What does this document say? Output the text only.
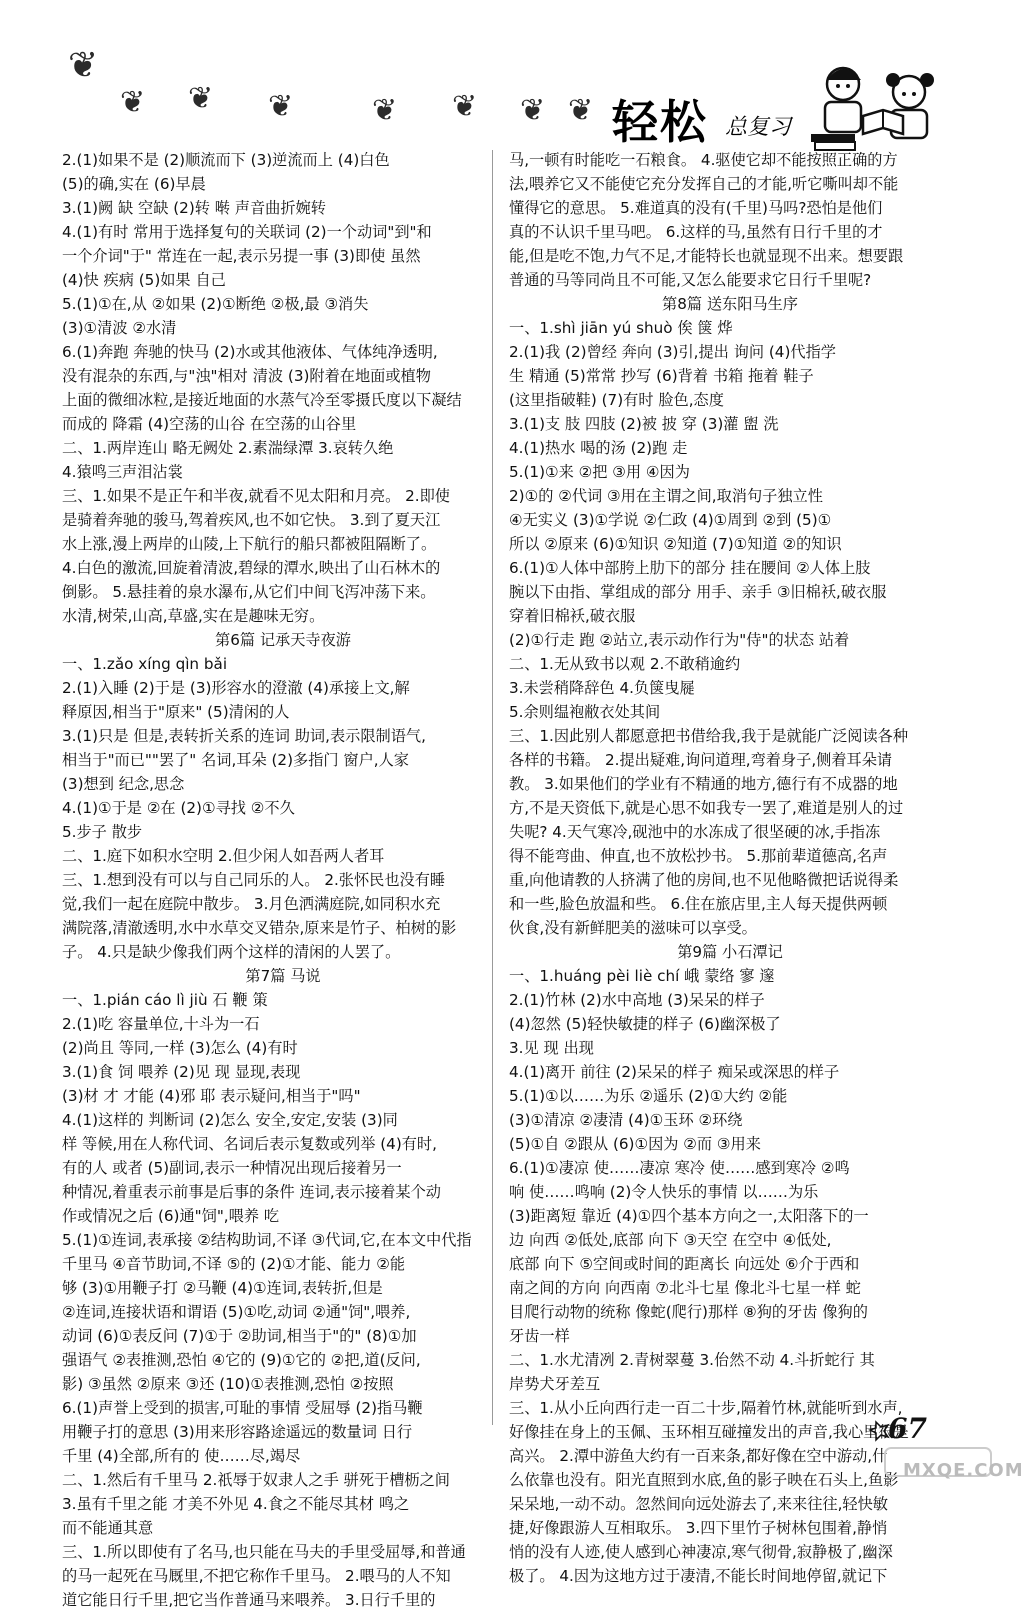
❦
❦ ❦ ❦	❦ ❦ ❦ ❦ 轻松 总复习
2.(1)如果不是 (2)顺流而下 (3)逆流而上 (4)白色
(5)的确,实在 (6)早晨
3.(1)阙 缺 空缺 (2)转 啭 声音曲折婉转
4.(1)有时 常用于选择复句的关联词 (2)一个动词"到"和
一个介词"于" 常连在一起,表示另提一事 (3)即使 虽然
(4)快 疾病 (5)如果 自己
5.(1)①在,从 ②如果 (2)①断绝 ②极,最 ③消失
(3)①清波 ②水清
6.(1)奔跑 奔驰的快马 (2)水或其他液体、气体纯净透明,
没有混杂的东西,与"浊"相对 清波 (3)附着在地面或植物
上面的微细冰粒,是接近地面的水蒸气冷至零摄氏度以下凝结
而成的 降霜 (4)空荡的山谷 在空荡的山谷里
二、1.两岸连山 略无阙处 2.素湍绿潭 3.哀转久绝
4.猿鸣三声泪沾裳
三、1.如果不是正午和半夜,就看不见太阳和月亮。 2.即使
是骑着奔驰的骏马,驾着疾风,也不如它快。 3.到了夏天江
水上涨,漫上两岸的山陵,上下航行的船只都被阻隔断了。
4.白色的激流,回旋着清波,碧绿的潭水,映出了山石林木的
倒影。 5.悬挂着的泉水瀑布,从它们中间飞泻冲荡下来。
水清,树荣,山高,草盛,实在是趣味无穷。
第6篇 记承天寺夜游
一、1.zǎo xíng qìn bǎi
2.(1)入睡 (2)于是 (3)形容水的澄澈 (4)承接上文,解
释原因,相当于"原来" (5)清闲的人
3.(1)只是 但是,表转折关系的连词 助词,表示限制语气,
相当于"而已""罢了" 名词,耳朵 (2)多指门 窗户,人家
(3)想到 纪念,思念
4.(1)①于是 ②在 (2)①寻找 ②不久
5.步子 散步
二、1.庭下如积水空明 2.但少闲人如吾两人者耳
三、1.想到没有可以与自己同乐的人。 2.张怀民也没有睡
觉,我们一起在庭院中散步。 3.月色洒满庭院,如同积水充
满院落,清澈透明,水中水草交叉错杂,原来是竹子、柏树的影
子。 4.只是缺少像我们两个这样的清闲的人罢了。
第7篇 马说
一、1.pián cáo lì jiù 石 鞭 策
2.(1)吃 容量单位,十斗为一石
(2)尚且 等同,一样 (3)怎么 (4)有时
3.(1)食 饲 喂养 (2)见 现 显现,表现
(3)材 才 才能 (4)邪 耶 表示疑问,相当于"吗"
4.(1)这样的 判断词 (2)怎么 安全,安定,安装 (3)同
样 等候,用在人称代词、名词后表示复数或列举 (4)有时,
有的人 或者 (5)副词,表示一种情况出现后接着另一
种情况,着重表示前事是后事的条件 连词,表示接着某个动
作或情况之后 (6)通"饲",喂养 吃
5.(1)①连词,表承接 ②结构助词,不译 ③代词,它,在本文中代指
千里马 ④音节助词,不译 ⑤的 (2)①才能、能力 ②能
够 (3)①用鞭子打 ②马鞭 (4)①连词,表转折,但是
②连词,连接状语和谓语 (5)①吃,动词 ②通"饲",喂养,
动词 (6)①表反问 (7)①于 ②助词,相当于"的" (8)①加
强语气 ②表推测,恐怕 ④它的 (9)①它的 ②把,道(反问,
影) ③虽然 ②原来 ③还 (10)①表推测,恐怕 ②按照
6.(1)声誉上受到的损害,可耻的事情 受屈辱 (2)指马鞭
用鞭子打的意思 (3)用来形容路途遥远的数量词 日行
千里 (4)全部,所有的 使……尽,竭尽
二、1.然后有千里马 2.祇辱于奴隶人之手 骈死于槽枥之间
3.虽有千里之能 才美不外见 4.食之不能尽其材 鸣之
而不能通其意
三、1.所以即使有了名马,也只能在马夫的手里受屈辱,和普通
的马一起死在马厩里,不把它称作千里马。 2.喂马的人不知
道它能日行千里,把它当作普通马来喂养。 3.日行千里的
马,一顿有时能吃一石粮食。 4.驱使它却不能按照正确的方
法,喂养它又不能使它充分发挥自己的才能,听它嘶叫却不能
懂得它的意思。 5.难道真的没有(千里)马吗?恐怕是他们
真的不认识千里马吧。 6.这样的马,虽然有日行千里的才
能,但是吃不饱,力气不足,才能特长也就显现不出来。想要跟
普通的马等同尚且不可能,又怎么能要求它日行千里呢?
第8篇 送东阳马生序
一、1.shì jiān yú shuò 俟 箧 烨
2.(1)我 (2)曾经 奔向 (3)引,提出 询问 (4)代指学
生 精通 (5)常常 抄写 (6)背着 书箱 拖着 鞋子
(这里指破鞋) (7)有时 脸色,态度
3.(1)支 肢 四肢 (2)被 披 穿 (3)灌 盥 洗
4.(1)热水 喝的汤 (2)跑 走
5.(1)①来 ②把 ③用 ④因为
2)①的 ②代词 ③用在主谓之间,取消句子独立性
④无实义 (3)①学说 ②仁政 (4)①周到 ②到 (5)①
所以 ②原来 (6)①知识 ②知道 (7)①知道 ②的知识
6.(1)①人体中部胯上肋下的部分 挂在腰间 ②人体上肢
腕以下由指、掌组成的部分 用手、亲手 ③旧棉袄,破衣服
穿着旧棉袄,破衣服
(2)①行走 跑 ②站立,表示动作行为"侍"的状态 站着
二、1.无从致书以观 2.不敢稍逾约
3.未尝稍降辞色 4.负箧曳屣
5.余则缊袍敝衣处其间
三、1.因此别人都愿意把书借给我,我于是就能广泛阅读各种
各样的书籍。 2.提出疑难,询问道理,弯着身子,侧着耳朵请
教。 3.如果他们的学业有不精通的地方,德行有不成器的地
方,不是天资低下,就是心思不如我专一罢了,难道是别人的过
失呢? 4.天气寒冷,砚池中的水冻成了很坚硬的冰,手指冻
得不能弯曲、伸直,也不放松抄书。 5.那前辈道德高,名声
重,向他请教的人挤满了他的房间,也不见他略微把话说得柔
和一些,脸色放温和些。 6.住在旅店里,主人每天提供两顿
伙食,没有新鲜肥美的滋味可以享受。
第9篇 小石潭记
一、1.huáng pèi liè chí 峨 蒙络 寥 邃
2.(1)竹林 (2)水中高地 (3)呆呆的样子
(4)忽然 (5)轻快敏捷的样子 (6)幽深极了
3.见 现 出现
4.(1)离开 前往 (2)呆呆的样子 痴呆或深思的样子
5.(1)①以……为乐 ②遥乐 (2)①大约 ②能
(3)①清凉 ②凄清 (4)①玉环 ②环绕
(5)①自 ②跟从 (6)①因为 ②而 ③用来
6.(1)①凄凉 使……凄凉 寒冷 使……感到寒冷 ②鸣
响 使……鸣响 (2)令人快乐的事情 以……为乐
(3)距离短 靠近 (4)①四个基本方向之一,太阳落下的一
边 向西 ②低处,底部 向下 ③天空 在空中 ④低处,
底部 向下 ⑤空间或时间的距离长 向远处 ⑥介于西和
南之间的方向 向西南 ⑦北斗七星 像北斗七星一样 蛇
目爬行动物的统称 像蛇(爬行)那样 ⑧狗的牙齿 像狗的
牙齿一样
二、1.水尤清冽 2.青树翠蔓 3.佁然不动 4.斗折蛇行 其
岸势犬牙差互
三、1.从小丘向西行走一百二十步,隔着竹林,就能听到水声,
好像挂在身上的玉佩、玉环相互碰撞发出的声音,我心里很是
高兴。 2.潭中游鱼大约有一百来条,都好像在空中游动,什
么依靠也没有。阳光直照到水底,鱼的影子映在石头上,鱼影
呆呆地,一动不动。忽然间向远处游去了,来来往往,轻快敏
捷,好像跟游人互相取乐。 3.四下里竹子树林包围着,静悄
悄的没有人迹,使人感到心神凄凉,寒气彻骨,寂静极了,幽深
极了。 4.因为这地方过于凄清,不能长时间地停留,就记下
67
MXQE.COM
